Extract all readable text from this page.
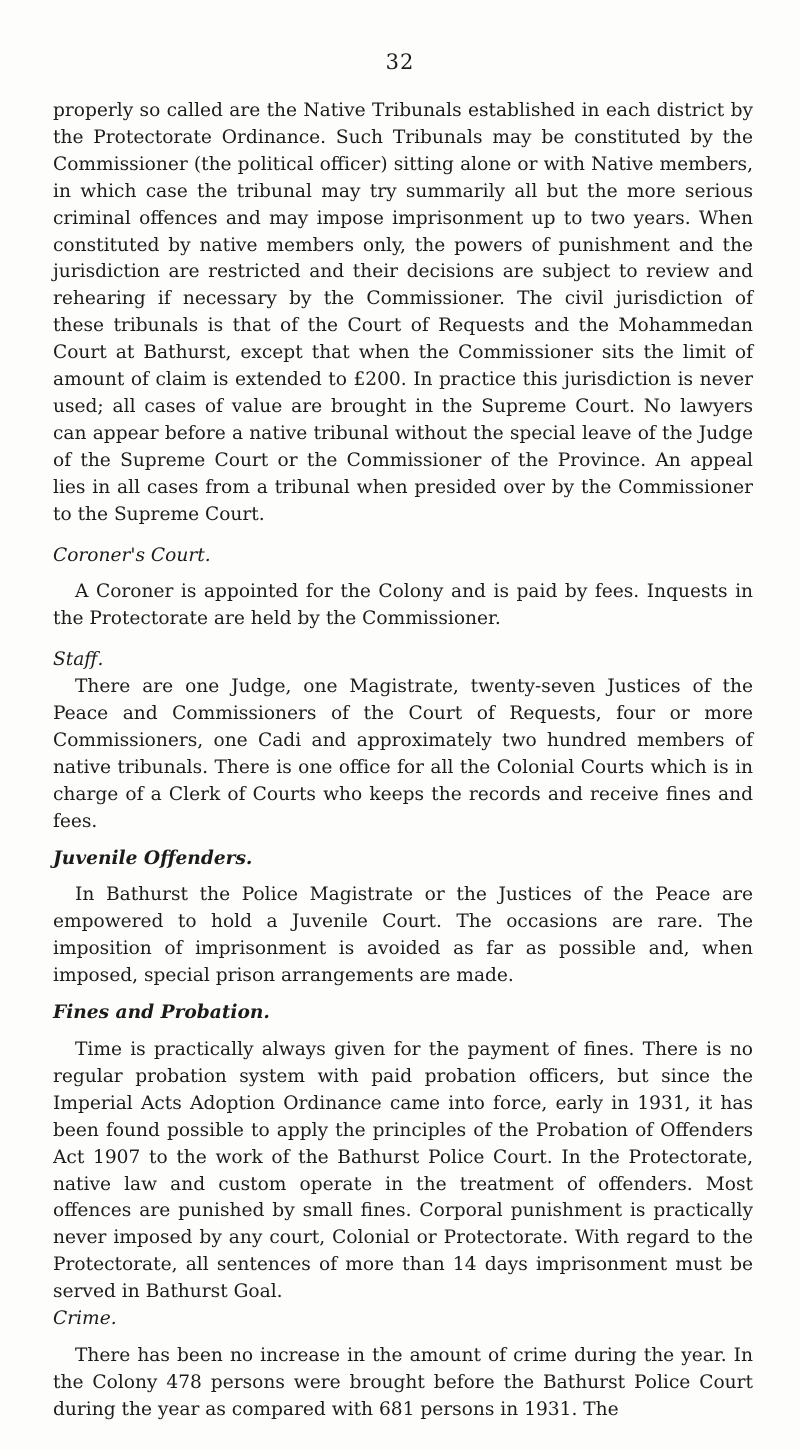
32

properly so called are the Native Tribunals established in each district by the Protectorate Ordinance. Such Tribunals may be constituted by the Commissioner (the political officer) sitting alone or with Native members, in which case the tribunal may try summarily all but the more serious criminal offences and may impose imprisonment up to two years. When constituted by native members only, the powers of punishment and the jurisdiction are restricted and their decisions are subject to review and rehearing if necessary by the Commissioner. The civil jurisdiction of these tribunals is that of the Court of Requests and the Mohammedan Court at Bathurst, except that when the Commissioner sits the limit of amount of claim is extended to £200. In practice this jurisdiction is never used; all cases of value are brought in the Supreme Court. No lawyers can appear before a native tribunal without the special leave of the Judge of the Supreme Court or the Commissioner of the Province. An appeal lies in all cases from a tribunal when presided over by the Commissioner to the Supreme Court.

Coroner's Court.

A Coroner is appointed for the Colony and is paid by fees. Inquests in the Protectorate are held by the Commissioner.

Staff.

There are one Judge, one Magistrate, twenty-seven Justices of the Peace and Commissioners of the Court of Requests, four or more Commissioners, one Cadi and approximately two hundred members of native tribunals. There is one office for all the Colonial Courts which is in charge of a Clerk of Courts who keeps the records and receive fines and fees.

Juvenile Offenders.

In Bathurst the Police Magistrate or the Justices of the Peace are empowered to hold a Juvenile Court. The occasions are rare. The imposition of imprisonment is avoided as far as possible and, when imposed, special prison arrangements are made.

Fines and Probation.

Time is practically always given for the payment of fines. There is no regular probation system with paid probation officers, but since the Imperial Acts Adoption Ordinance came into force, early in 1931, it has been found possible to apply the principles of the Probation of Offenders Act 1907 to the work of the Bathurst Police Court. In the Protectorate, native law and custom operate in the treatment of offenders. Most offences are punished by small fines. Corporal punishment is practically never imposed by any court, Colonial or Protectorate. With regard to the Protectorate, all sentences of more than 14 days imprisonment must be served in Bathurst Goal.

Crime.

There has been no increase in the amount of crime during the year. In the Colony 478 persons were brought before the Bathurst Police Court during the year as compared with 681 persons in 1931. The
